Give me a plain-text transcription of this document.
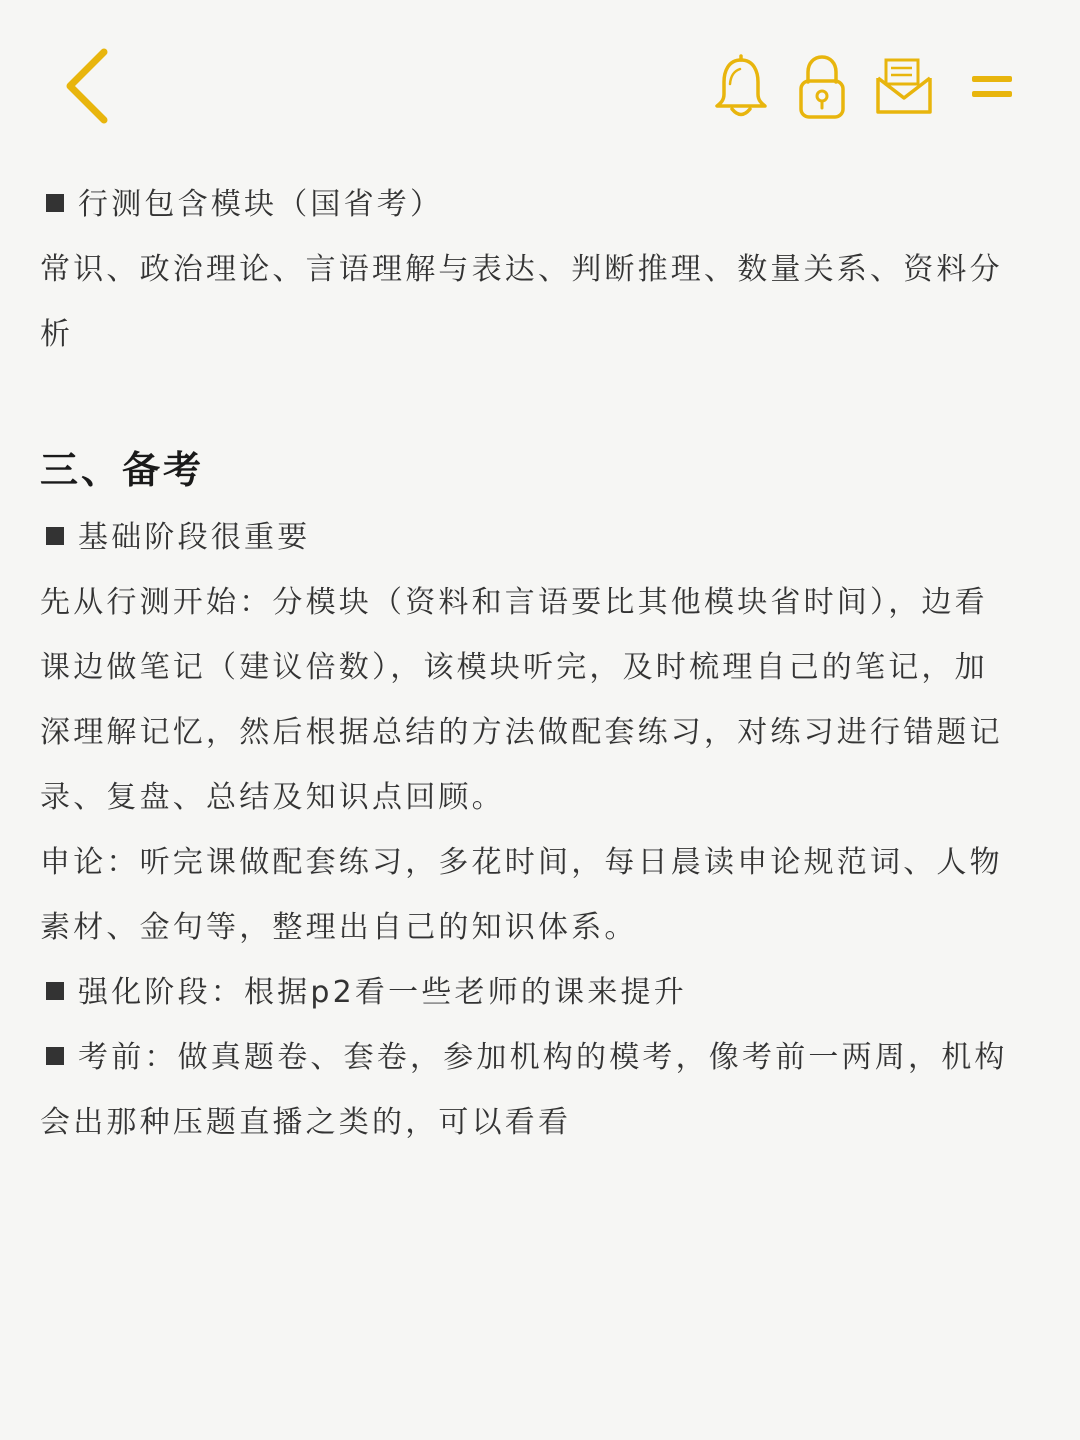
行测包含模块（国省考）
常识、政治理论、言语理解与表达、判断推理、数量关系、资料分
析
三、备考
基础阶段很重要
先从行测开始：分模块（资料和言语要比其他模块省时间），边看
课边做笔记（建议倍数），该模块听完，及时梳理自己的笔记，加
深理解记忆，然后根据总结的方法做配套练习，对练习进行错题记
录、复盘、总结及知识点回顾。
申论：听完课做配套练习，多花时间，每日晨读申论规范词、人物
素材、金句等，整理出自己的知识体系。
强化阶段：根据p2看一些老师的课来提升
考前：做真题卷、套卷，参加机构的模考，像考前一两周，机构
会出那种压题直播之类的，可以看看
